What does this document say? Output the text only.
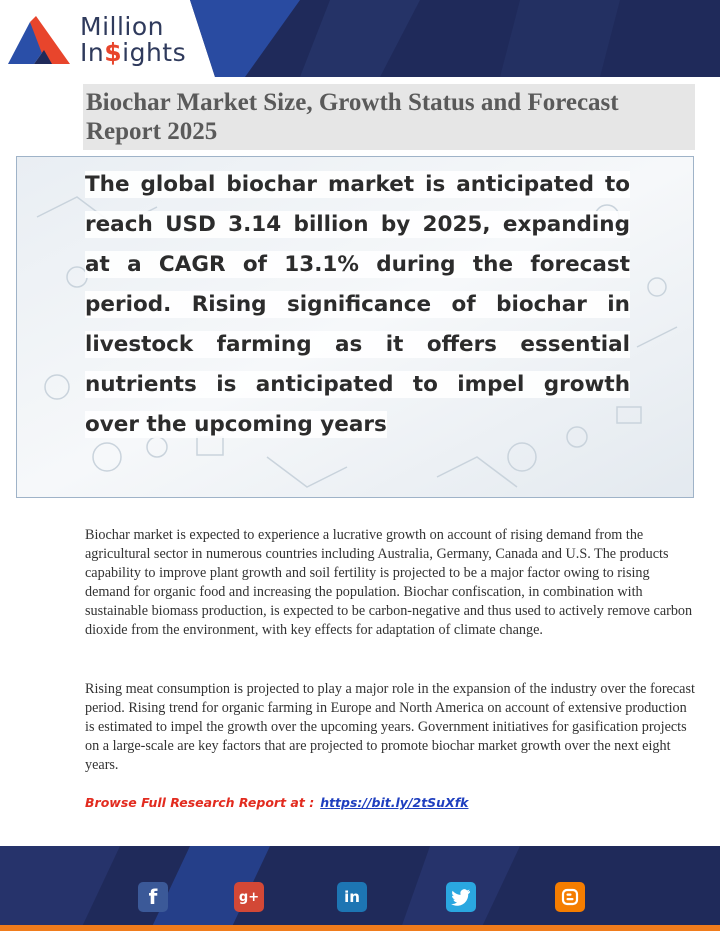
Million
In$ights
Biochar Market Size, Growth Status and Forecast Report 2025
The global biochar market is anticipated to reach USD 3.14 billion by 2025, expanding at a CAGR of 13.1% during the forecast period. Rising significance of biochar in livestock farming as it offers essential nutrients is anticipated to impel growth over the upcoming years

Biochar market is expected to experience a lucrative growth on account of rising demand from the agricultural sector in numerous countries including Australia, Germany, Canada and U.S. The products capability to improve plant growth and soil fertility is projected to be a major factor owing to rising demand for organic food and increasing the population. Biochar confiscation, in combination with sustainable biomass production, is expected to be carbon-negative and thus used to actively remove carbon dioxide from the environment, with key effects for adaptation of climate change.

Rising meat consumption is projected to play a major role in the expansion of the industry over the forecast period. Rising trend for organic farming in Europe and North America on account of extensive production is estimated to impel the growth over the upcoming years. Government initiatives for gasification projects on a large-scale are key factors that are projected to promote biochar market growth over the next eight years.

Browse Full Research Report at : https://bit.ly/2tSuXfk
f	g+	in
